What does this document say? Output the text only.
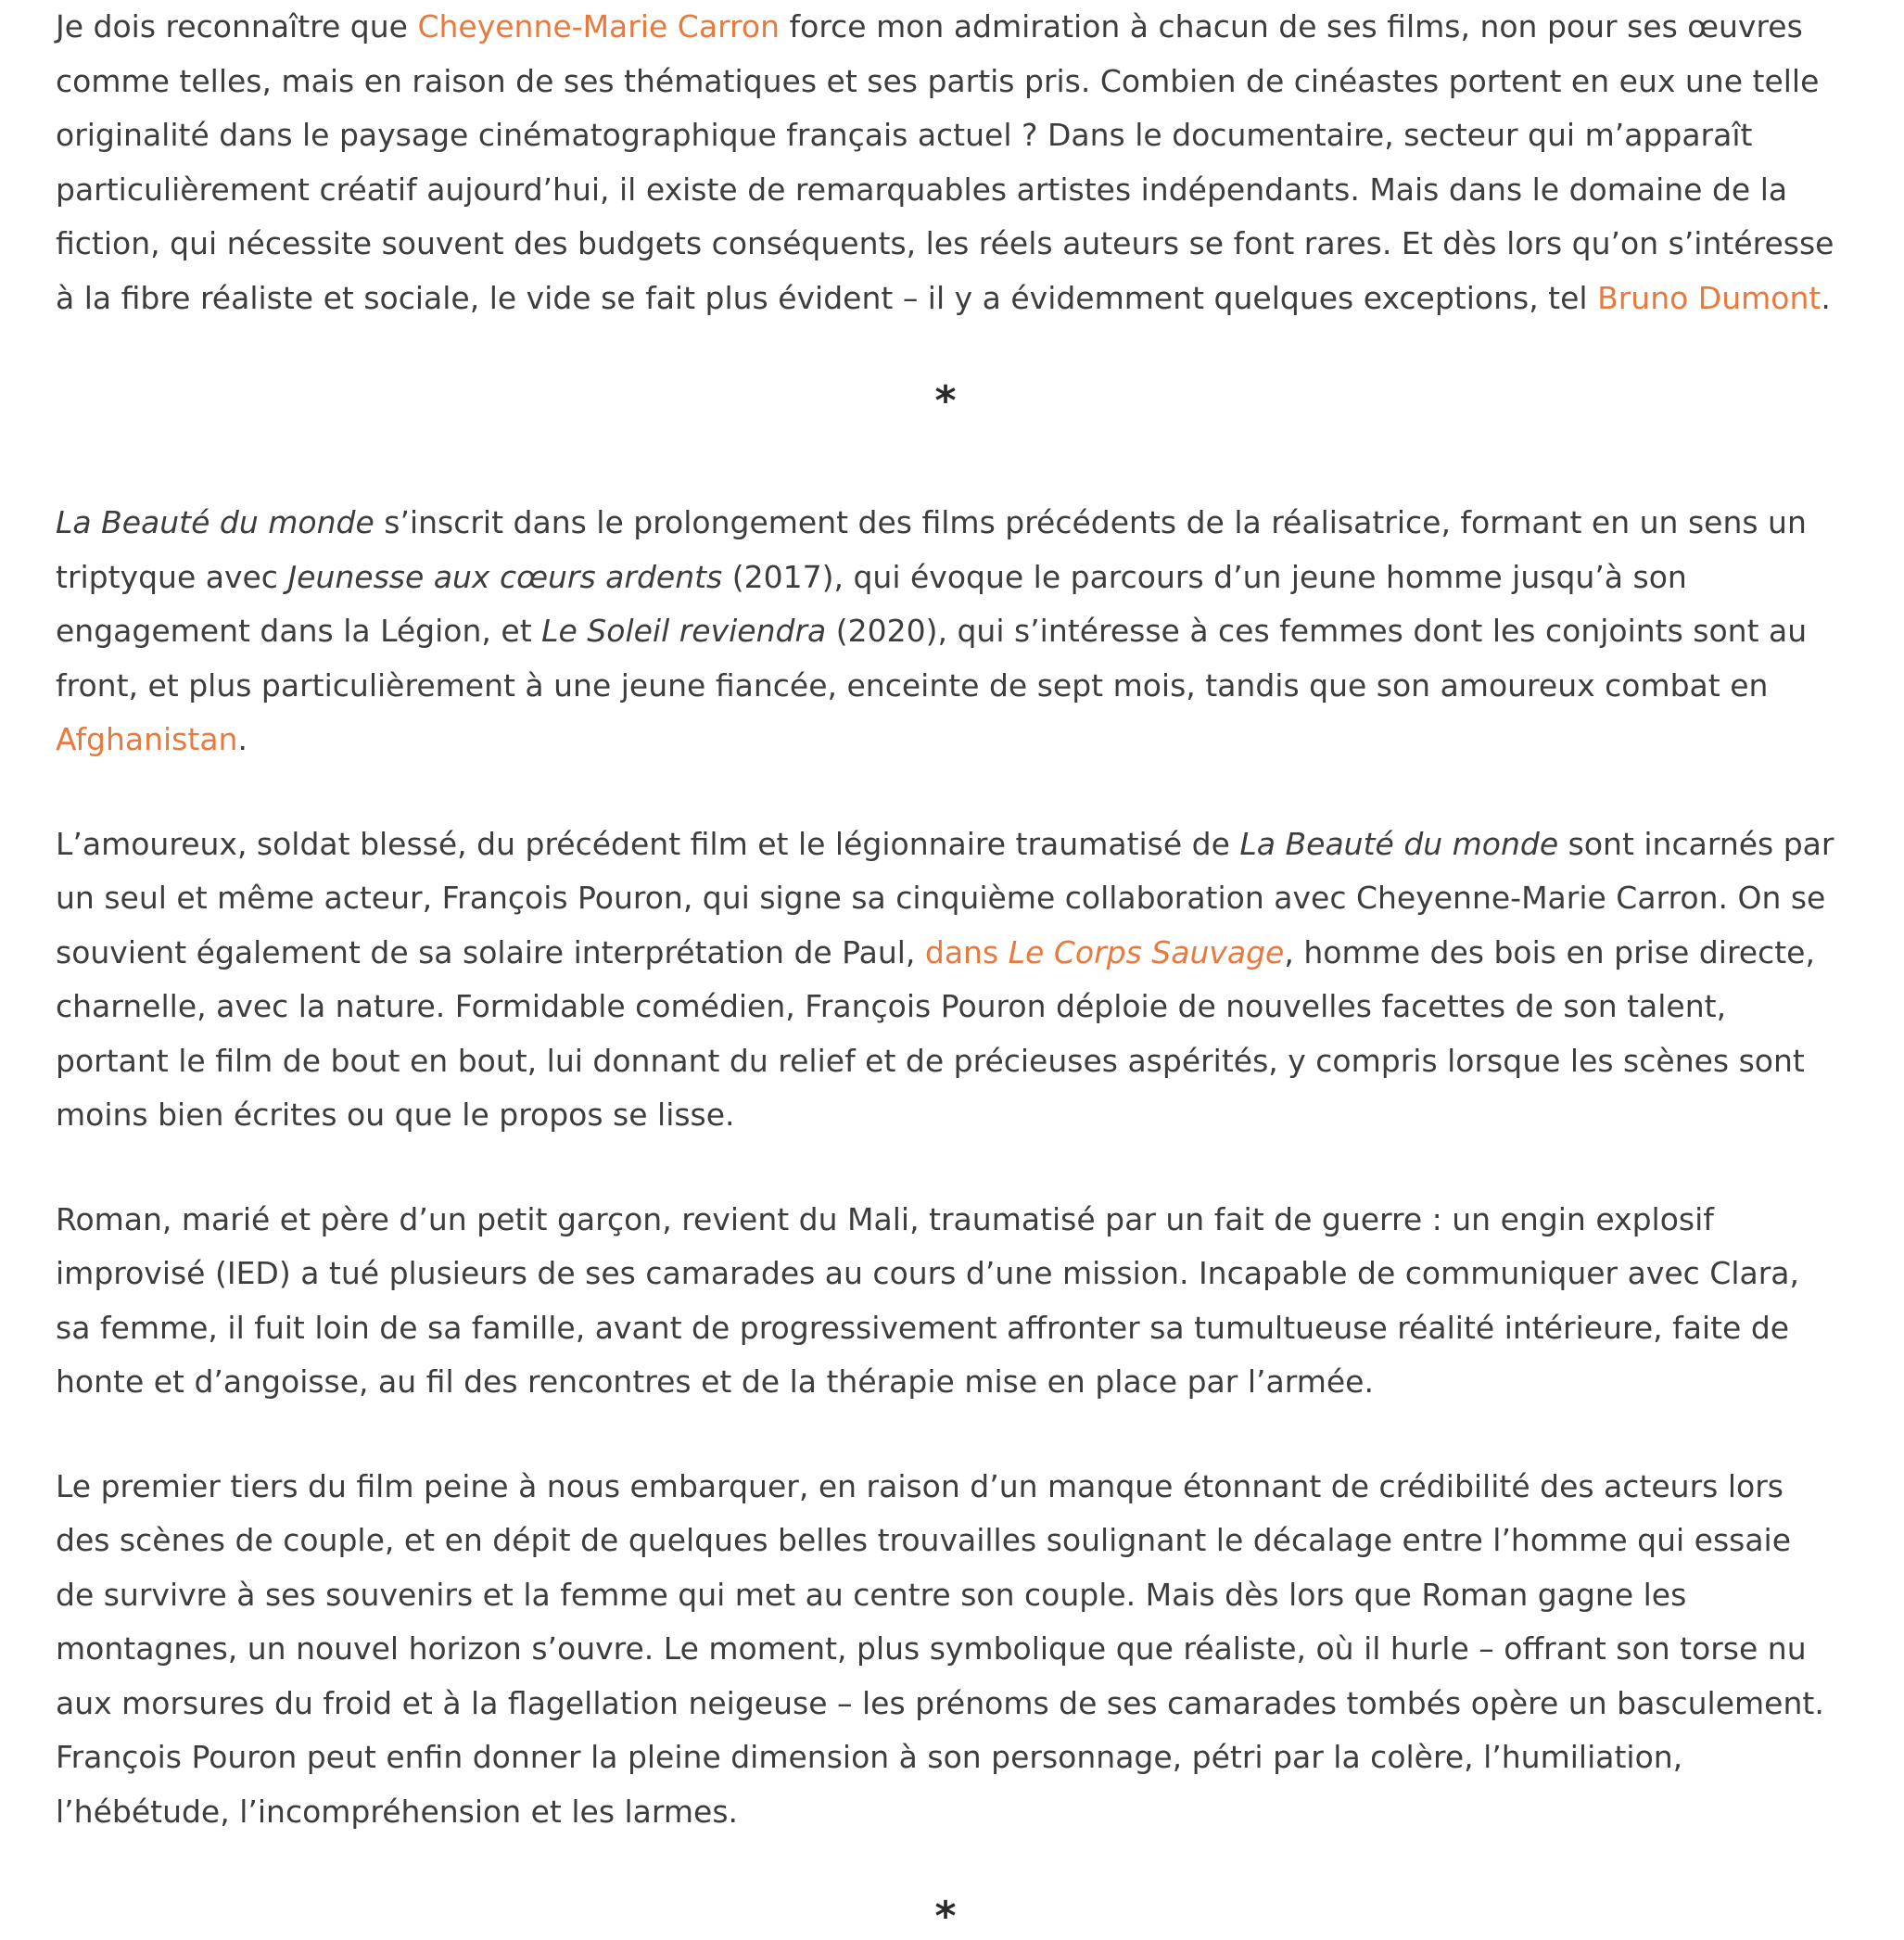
Je dois reconnaître que Cheyenne-Marie Carron force mon admiration à chacun de ses films, non pour ses œuvres comme telles, mais en raison de ses thématiques et ses partis pris. Combien de cinéastes portent en eux une telle originalité dans le paysage cinématographique français actuel ? Dans le documentaire, secteur qui m’apparaît particulièrement créatif aujourd’hui, il existe de remarquables artistes indépendants. Mais dans le domaine de la fiction, qui nécessite souvent des budgets conséquents, les réels auteurs se font rares. Et dès lors qu’on s’intéresse à la fibre réaliste et sociale, le vide se fait plus évident – il y a évidemment quelques exceptions, tel Bruno Dumont.

*

La Beauté du monde s’inscrit dans le prolongement des films précédents de la réalisatrice, formant en un sens un triptyque avec Jeunesse aux cœurs ardents (2017), qui évoque le parcours d’un jeune homme jusqu’à son engagement dans la Légion, et Le Soleil reviendra (2020), qui s’intéresse à ces femmes dont les conjoints sont au front, et plus particulièrement à une jeune fiancée, enceinte de sept mois, tandis que son amoureux combat en Afghanistan.

L’amoureux, soldat blessé, du précédent film et le légionnaire traumatisé de La Beauté du monde sont incarnés par un seul et même acteur, François Pouron, qui signe sa cinquième collaboration avec Cheyenne-Marie Carron. On se souvient également de sa solaire interprétation de Paul, dans Le Corps Sauvage, homme des bois en prise directe, charnelle, avec la nature. Formidable comédien, François Pouron déploie de nouvelles facettes de son talent, portant le film de bout en bout, lui donnant du relief et de précieuses aspérités, y compris lorsque les scènes sont moins bien écrites ou que le propos se lisse.

Roman, marié et père d’un petit garçon, revient du Mali, traumatisé par un fait de guerre : un engin explosif improvisé (IED) a tué plusieurs de ses camarades au cours d’une mission. Incapable de communiquer avec Clara, sa femme, il fuit loin de sa famille, avant de progressivement affronter sa tumultueuse réalité intérieure, faite de honte et d’angoisse, au fil des rencontres et de la thérapie mise en place par l’armée.

Le premier tiers du film peine à nous embarquer, en raison d’un manque étonnant de crédibilité des acteurs lors des scènes de couple, et en dépit de quelques belles trouvailles soulignant le décalage entre l’homme qui essaie de survivre à ses souvenirs et la femme qui met au centre son couple. Mais dès lors que Roman gagne les montagnes, un nouvel horizon s’ouvre. Le moment, plus symbolique que réaliste, où il hurle – offrant son torse nu aux morsures du froid et à la flagellation neigeuse – les prénoms de ses camarades tombés opère un basculement. François Pouron peut enfin donner la pleine dimension à son personnage, pétri par la colère, l’humiliation, l’hébétude, l’incompréhension et les larmes.

*
